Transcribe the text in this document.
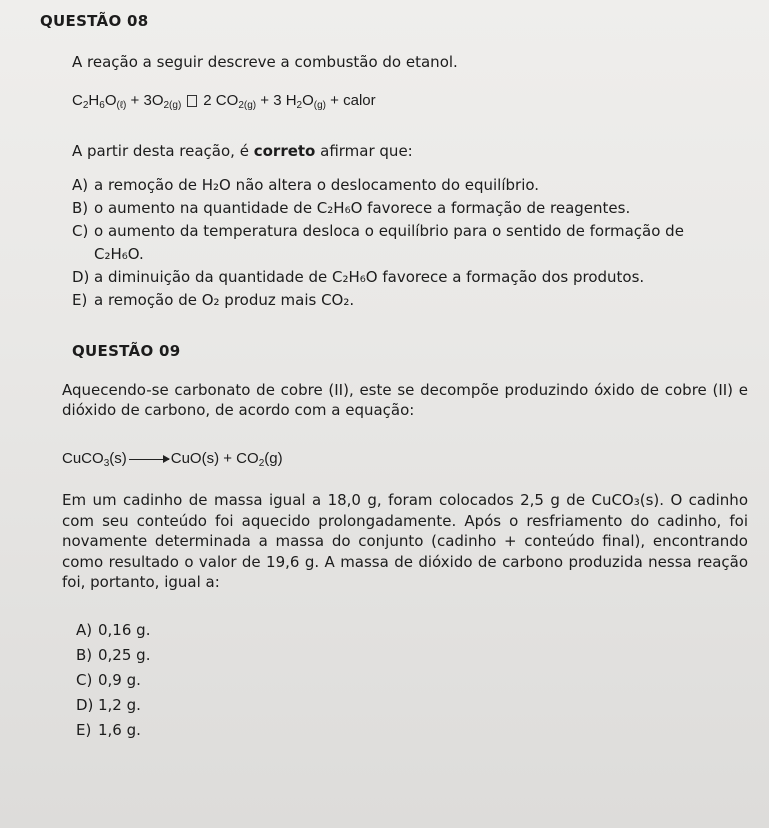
QUESTÃO 08
A reação a seguir descreve a combustão do etanol.
$C_2H_6O_{(\ell)} + 3O_{2(g)}$ 2 $CO_{2(g)} + 3$ $H_2O_{(g)}$ + calor
A partir desta reação, é correto afirmar que:
A) a remoção de H₂O não altera o deslocamento do equilíbrio.
B) o aumento na quantidade de C₂H₆O favorece a formação de reagentes.
C) o aumento da temperatura desloca o equilíbrio para o sentido de formação de
C₂H₆O.
D) a diminuição da quantidade de C₂H₆O favorece a formação dos produtos.
E) a remoção de O₂ produz mais CO₂.
QUESTÃO 09
Aquecendo-se carbonato de cobre (II), este se decompõe produzindo óxido de cobre (II) e dióxido de carbono, de acordo com a equação:
CuCO$_3$(s) → $CuO(s) + CO_2(g)$
Em um cadinho de massa igual a 18,0 g, foram colocados 2,5 g de CuCO₃(s). O cadinho com seu conteúdo foi aquecido prolongadamente. Após o resfriamento do cadinho, foi novamente determinada a massa do conjunto (cadinho + conteúdo final), encontrando como resultado o valor de 19,6 g. A massa de dióxido de carbono produzida nessa reação foi, portanto, igual a:
A) 0,16 g.
B) 0,25 g.
C) 0,9 g.
D) 1,2 g.
E) 1,6 g.
